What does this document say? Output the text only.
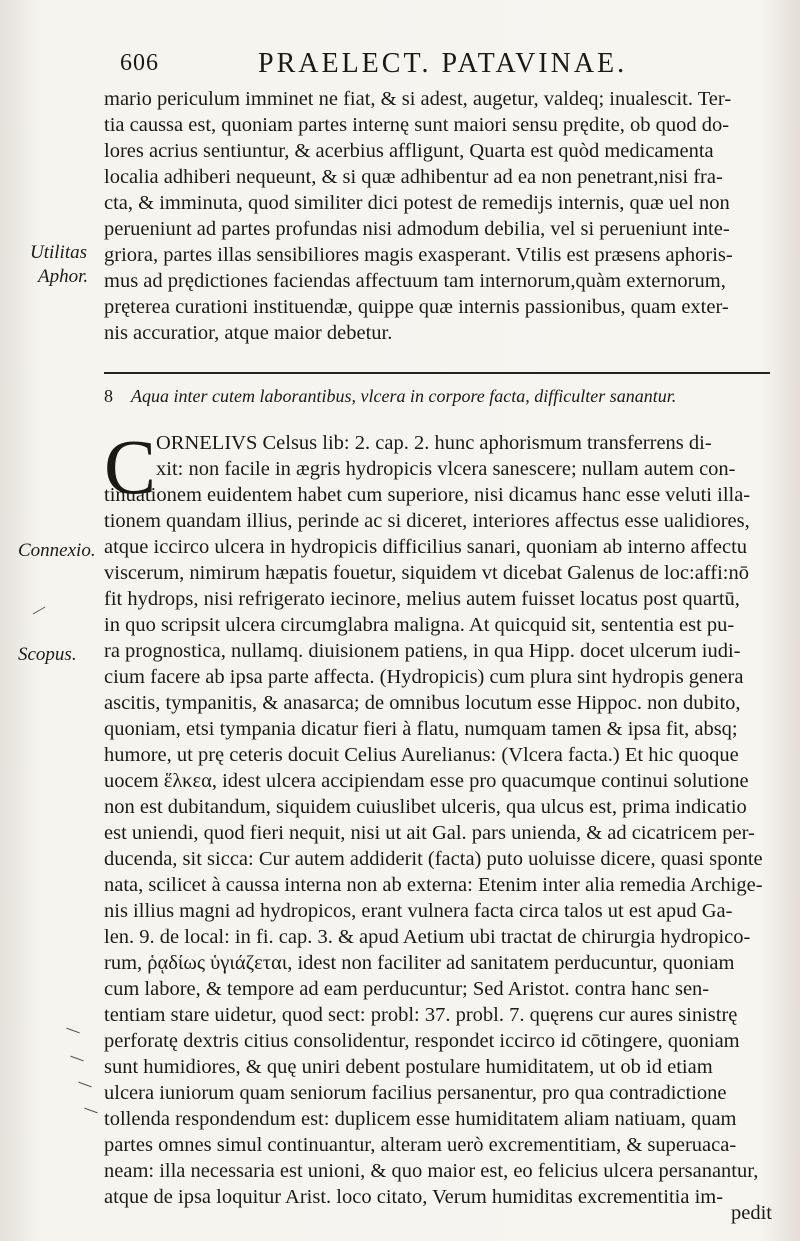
606	PRAELECT. PATAVINAE.
mario periculum imminet ne fiat, & si adest, augetur, valdeq; inualescit. Ter-
tia caussa est, quoniam partes internę sunt maiori sensu prędite, ob quod do-
lores acrius sentiuntur, & acerbius affligunt, Quarta est quòd medicamenta
localia adhiberi nequeunt, & si quæ adhibentur ad ea non penetrant,nisi fra-
cta, & imminuta, quod similiter dici potest de remedijs internis, quæ uel non
perueniunt ad partes profundas nisi admodum debilia, vel si perueniunt inte-
griora, partes illas sensibiliores magis exasperant. Vtilis est præsens aphoris-
mus ad prędictiones faciendas affectuum tam internorum,quàm externorum,
pręterea curationi instituendæ, quippe quæ internis passionibus, quam exter-
nis accuratior, atque maior debetur.
Utilitas
Aphor.
8 Aqua inter cutem laborantibus, vlcera in corpore facta, difficulter sanantur.
C ORNELIVS Celsus lib: 2. cap. 2. hunc aphorismum transferrens di-
xit: non facile in ægris hydropicis vlcera sanescere; nullam autem con-
tinuationem euidentem habet cum superiore, nisi dicamus hanc esse veluti illa-
tionem quandam illius, perinde ac si diceret, interiores affectus esse ualidiores,
atque iccirco ulcera in hydropicis difficilius sanari, quoniam ab interno affectu
viscerum, nimirum hæpatis fouetur, siquidem vt dicebat Galenus de loc:affi:nō
fit hydrops, nisi refrigerato iecinore, melius autem fuisset locatus post quartū,
in quo scripsit ulcera circumglabra maligna. At quicquid sit, sententia est pu-
ra prognostica, nullamq. diuisionem patiens, in qua Hipp. docet ulcerum iudi-
cium facere ab ipsa parte affecta. (Hydropicis) cum plura sint hydropis genera
ascitis, tympanitis, & anasarca; de omnibus locutum esse Hippoc. non dubito,
quoniam, etsi tympania dicatur fieri à flatu, numquam tamen & ipsa fit, absq;
humore, ut prę ceteris docuit Celius Aurelianus: (Vlcera facta.) Et hic quoque
uocem ἕλκεα, idest ulcera accipiendam esse pro quacumque continui solutione
non est dubitandum, siquidem cuiuslibet ulceris, qua ulcus est, prima indicatio
est uniendi, quod fieri nequit, nisi ut ait Gal. pars unienda, & ad cicatricem per-
ducenda, sit sicca: Cur autem addiderit (facta) puto uoluisse dicere, quasi sponte
nata, scilicet à caussa interna non ab externa: Etenim inter alia remedia Archige-
nis illius magni ad hydropicos, erant vulnera facta circa talos ut est apud Ga-
len. 9. de local: in fi. cap. 3. & apud Aetium ubi tractat de chirurgia hydropico-
rum, ῥᾳδίως ὑγιάζεται, idest non faciliter ad sanitatem perducuntur, quoniam
cum labore, & tempore ad eam perducuntur; Sed Aristot. contra hanc sen-
tentiam stare uidetur, quod sect: probl: 37. probl. 7. quęrens cur aures sinistrę
perforatę dextris citius consolidentur, respondet iccirco id cōtingere, quoniam
sunt humidiores, & quę uniri debent postulare humiditatem, ut ob id etiam
ulcera iuniorum quam seniorum facilius persanentur, pro qua contradictione
tollenda respondendum est: duplicem esse humiditatem aliam natiuam, quam
partes omnes simul continuantur, alteram uerò excrementitiam, & superuaca-
neam: illa necessaria est unioni, & quo maior est, eo felicius ulcera persanantur,
atque de ipsa loquitur Arist. loco citato, Verum humiditas excrementitia im-
Connexio.
Scopus.
pedit
